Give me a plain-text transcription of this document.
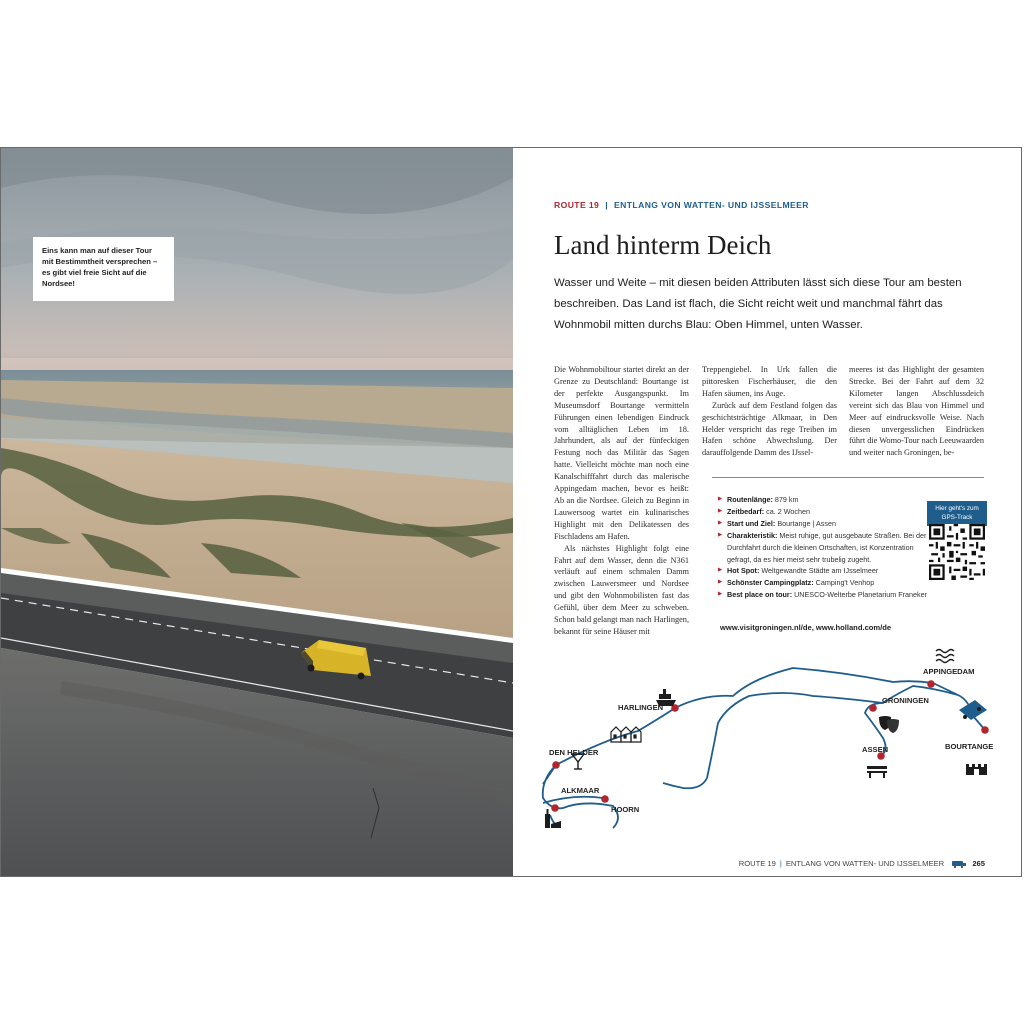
Eins kann man auf dieser Tour mit Bestimmtheit versprechen – es gibt viel freie Sicht auf die Nordsee!
ROUTE 19 | ENTLANG VON WATTEN- UND IJSSELMEER
Land hinterm Deich

Wasser und Weite – mit diesen beiden Attributen lässt sich diese Tour am besten beschreiben. Das Land ist flach, die Sicht reicht weit und manchmal fährt das Wohnmobil mitten durchs Blau: Oben Himmel, unten Wasser.

Die Wohnmobiltour startet direkt an der Grenze zu Deutschland: Bourtange ist der perfekte Ausgangspunkt. Im Museumsdorf Bourtange vermitteln Führungen einen lebendigen Eindruck vom alltäglichen Leben im 18. Jahrhundert, als auf der fünfeckigen Festung noch das Militär das Sagen hatte. Vielleicht möchte man noch eine Kanalschifffahrt durch das malerische Appingedam machen, bevor es heißt: Ab an die Nordsee. Gleich zu Beginn in Lauwersoog wartet ein kulinarisches Highlight mit den Delikatessen des Fischladens am Hafen.

Als nächstes Highlight folgt eine Fahrt auf dem Wasser, denn die N361 verläuft auf einem schmalen Damm zwischen Lauwersmeer und Nordsee und gibt den Wohnmobilisten fast das Gefühl, über dem Meer zu schweben. Schon bald gelangt man nach Harlingen, bekannt für seine Häuser mit

Treppengiebel. In Urk fallen die pittoresken Fischerhäuser, die den Hafen säumen, ins Auge.

Zurück auf dem Festland folgen das geschichtsträchtige Alkmaar, in Den Helder verspricht das rege Treiben im Hafen schöne Abwechslung. Der darauffolgende Damm des IJssel-

meeres ist das Highlight der gesamten Strecke. Bei der Fahrt auf dem 32 Kilometer langen Abschlussdeich vereint sich das Blau von Himmel und Meer auf eindrucksvolle Weise. Nach diesen unvergesslichen Eindrücken führt die Womo-Tour nach Leeuwaarden und weiter nach Groningen, be-

▶ Routenlänge: 879 km
▶ Zeitbedarf: ca. 2 Wochen
▶ Start und Ziel: Bourtange | Assen
▶ Charakteristik: Meist ruhige, gut ausgebaute Straßen. Bei der Durchfahrt durch die kleinen Ortschaften, ist Konzentration gefragt, da es hier meist sehr trubelig zugeht.
▶ Hot Spot: Weltgewandte Städte am IJsselmeer
▶ Schönster Campingplatz: Camping't Venhop
▶ Best place on tour: UNESCO-Welterbe Planetarium Franeker
Hier geht's zum GPS-Track
www.visitgroningen.nl/de, www.holland.com/de
DEN HELDER
HARLINGEN
ALKMAAR
HOORN
GRONINGEN
APPINGEDAM
ASSEN	BOURTANGE
ROUTE 19 | ENTLANG VON WATTEN- UND IJSSELMEER	265
